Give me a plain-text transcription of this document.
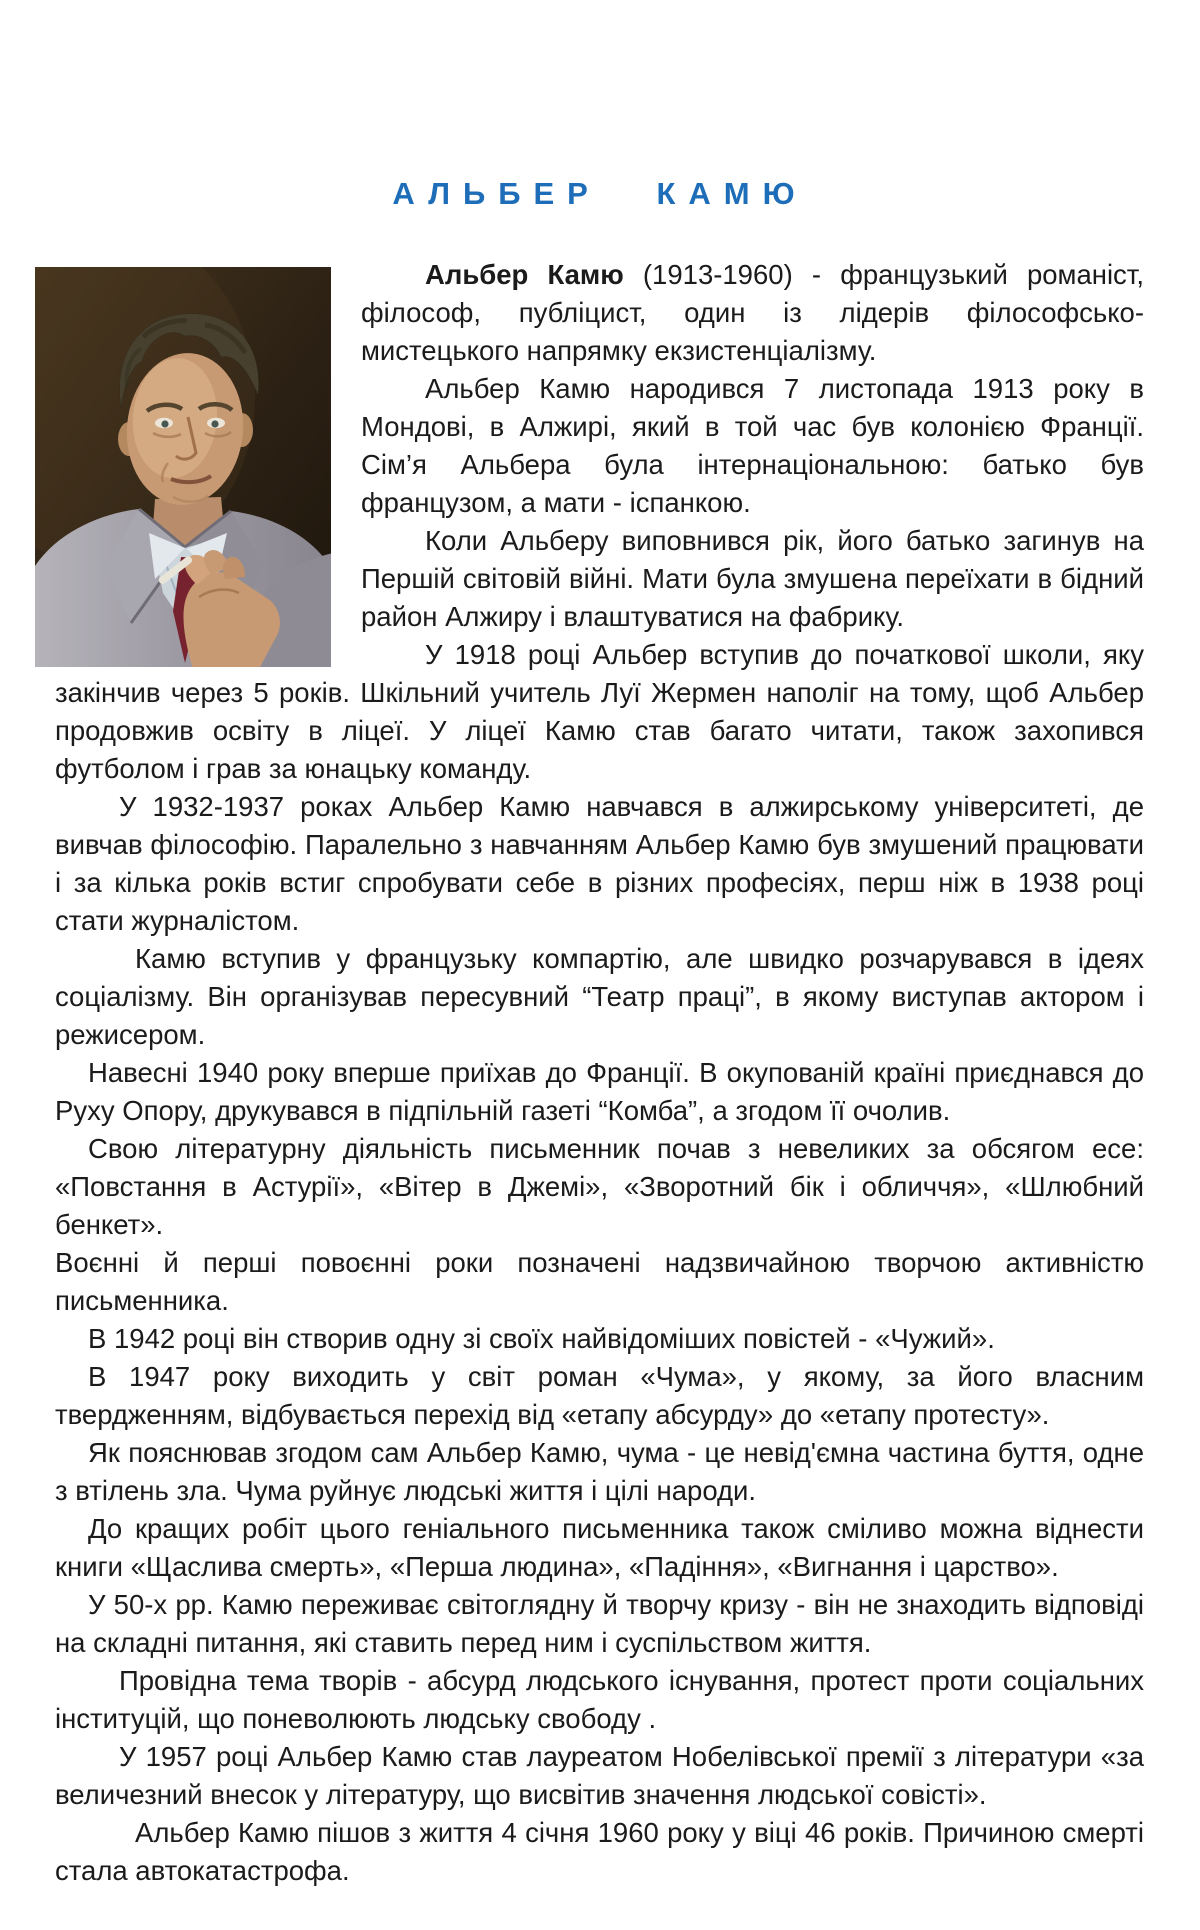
АЛЬБЕР КАМЮ

Альбер Камю (1913-1960) - французький романіст, філософ, публіцист, один із лідерів філософсько-мистецького напрямку екзистенціалізму.

Альбер Камю народився 7 листопада 1913 року в Мондові, в Алжирі, який в той час був колонією Франції. Сім’я Альбера була інтернаціональною: батько був французом, а мати - іспанкою.

Коли Альберу виповнився рік, його батько загинув на Першій світовій війні. Мати була змушена переїхати в бідний район Алжиру і влаштуватися на фабрику.

У 1918 році Альбер вступив до початкової школи, яку закінчив через 5 років. Шкільний учитель Луї Жермен наполіг на тому, щоб Альбер продовжив освіту в ліцеї. У ліцеї Камю став багато читати, також захопився футболом і грав за юнацьку команду.

У 1932-1937 роках Альбер Камю навчався в алжирському університеті, де вивчав філософію. Паралельно з навчанням Альбер Камю був змушений працювати і за кілька років встиг спробувати себе в різних професіях, перш ніж в 1938 році стати журналістом.

Камю вступив у французьку компартію, але швидко розчарувався в ідеях соціалізму. Він організував пересувний “Театр праці”, в якому виступав актором і режисером.

Навесні 1940 року вперше приїхав до Франції. В окупованій країні приєднався до Руху Опору, друкувався в підпільній газеті “Комба”, а згодом її очолив.

Свою літературну діяльність письменник почав з невеликих за обсягом есе: «Повстання в Астурії», «Вітер в Джемі», «Зворотний бік і обличчя», «Шлюбний бенкет».

Воєнні й перші повоєнні роки позначені надзвичайною творчою активністю письменника.

В 1942 році він створив одну зі своїх найвідоміших повістей - «Чужий».

В 1947 року виходить у світ роман «Чума», у якому, за його власним твердженням, відбувається перехід від «етапу абсурду» до «етапу протесту».

Як пояснював згодом сам Альбер Камю, чума - це невід'ємна частина буття, одне з втілень зла. Чума руйнує людські життя і цілі народи.

До кращих робіт цього геніального письменника також сміливо можна віднести книги «Щаслива смерть», «Перша людина», «Падіння», «Вигнання і царство».

У 50-х рр. Камю переживає світоглядну й творчу кризу - він не знаходить відповіді на складні питання, які ставить перед ним і суспільством життя.

Провідна тема творів - абсурд людського існування, протест проти соціальних інституцій, що поневолюють людську свободу .

У 1957 році Альбер Камю став лауреатом Нобелівської премії з літератури «за величезний внесок у літературу, що висвітив значення людської совісті».

Альбер Камю пішов з життя 4 січня 1960 року у віці 46 років. Причиною смерті стала автокатастрофа.
